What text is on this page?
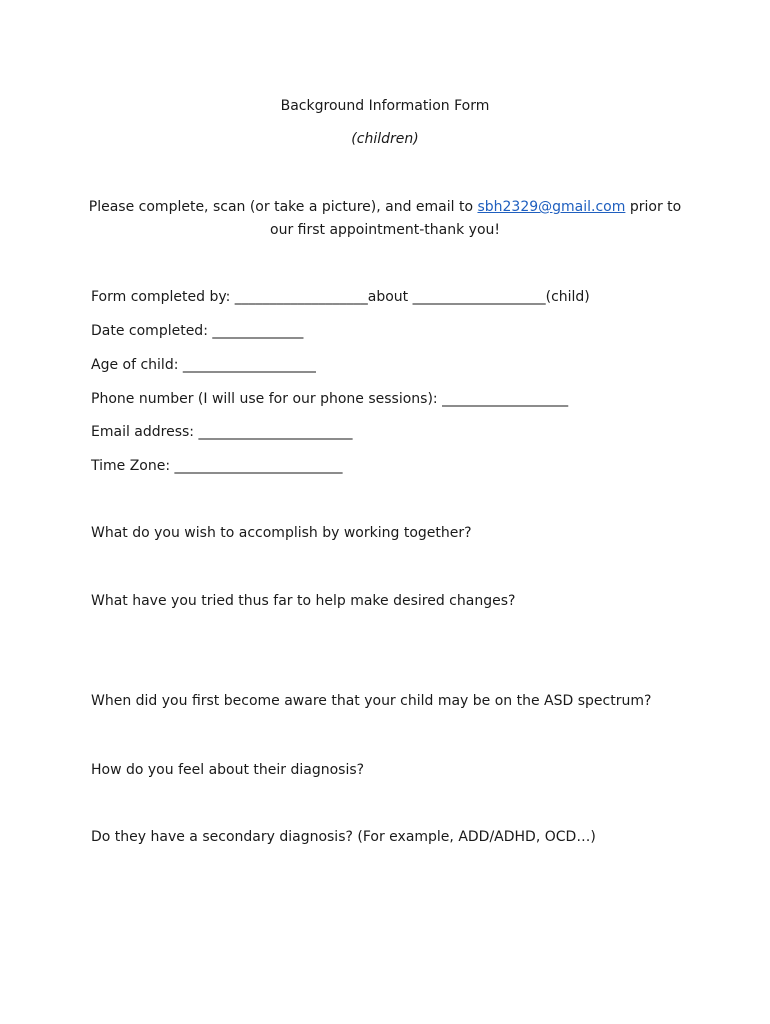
Background Information Form
(children)
Please complete, scan (or take a picture), and email to sbh2329@gmail.com prior to
our first appointment-thank you!
Form completed by: ___________________about ___________________(child)
Date completed: _____________
Age of child: ___________________
Phone number (I will use for our phone sessions): __________________
Email address: ______________________
Time Zone: ________________________
What do you wish to accomplish by working together?
What have you tried thus far to help make desired changes?
When did you first become aware that your child may be on the ASD spectrum?
How do you feel about their diagnosis?
Do they have a secondary diagnosis? (For example, ADD/ADHD, OCD…)
